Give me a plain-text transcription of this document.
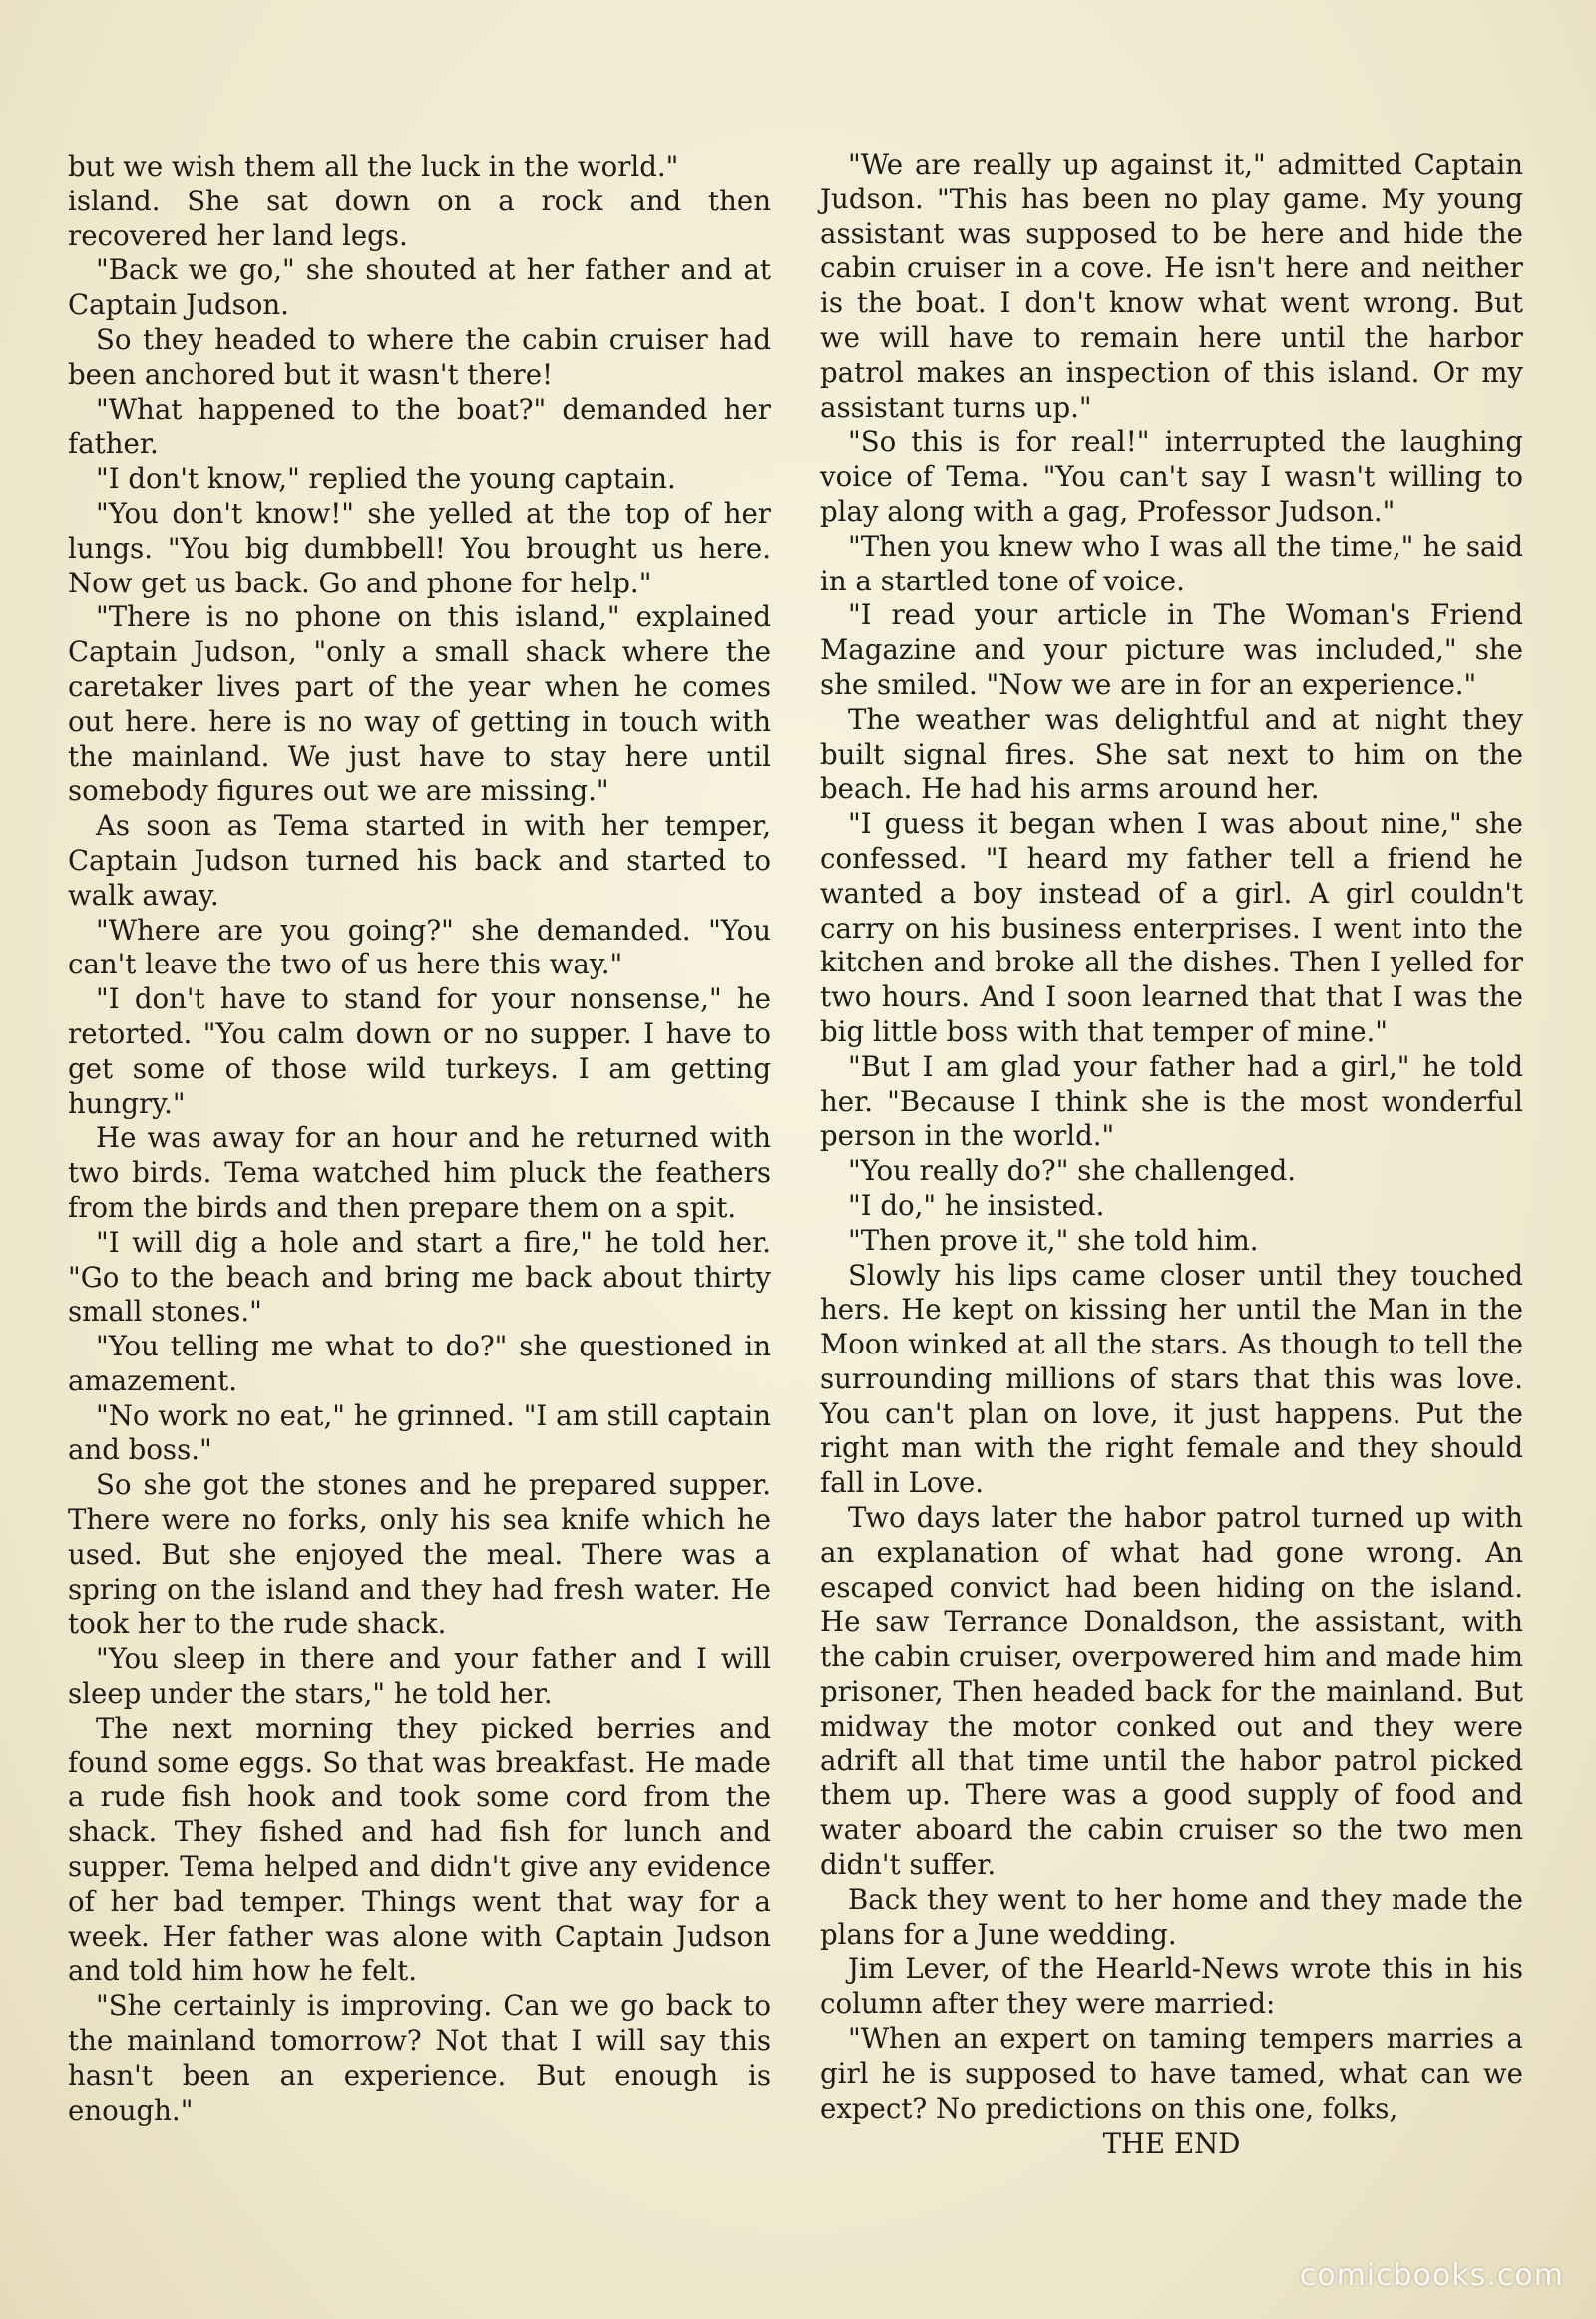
but we wish them all the luck in the world."

island. She sat down on a rock and then recovered her land legs.

"Back we go," she shouted at her father and at Captain Judson.

So they headed to where the cabin cruiser had been anchored but it wasn't there!

"What happened to the boat?" demanded her father.

"I don't know," replied the young captain.

"You don't know!" she yelled at the top of her lungs. "You big dumbbell! You brought us here. Now get us back. Go and phone for help."

"There is no phone on this island," explained Captain Judson, "only a small shack where the caretaker lives part of the year when he comes out here. here is no way of getting in touch with the mainland. We just have to stay here until somebody figures out we are missing."

As soon as Tema started in with her temper, Captain Judson turned his back and started to walk away.

"Where are you going?" she demanded. "You can't leave the two of us here this way."

"I don't have to stand for your nonsense," he retorted. "You calm down or no supper. I have to get some of those wild turkeys. I am getting hungry."

He was away for an hour and he returned with two birds. Tema watched him pluck the feathers from the birds and then prepare them on a spit.

"I will dig a hole and start a fire," he told her. "Go to the beach and bring me back about thirty small stones."

"You telling me what to do?" she questioned in amazement.

"No work no eat," he grinned. "I am still captain and boss."

So she got the stones and he prepared supper. There were no forks, only his sea knife which he used. But she enjoyed the meal. There was a spring on the island and they had fresh water. He took her to the rude shack.

"You sleep in there and your father and I will sleep under the stars," he told her.

The next morning they picked berries and found some eggs. So that was breakfast. He made a rude fish hook and took some cord from the shack. They fished and had fish for lunch and supper. Tema helped and didn't give any evidence of her bad temper. Things went that way for a week. Her father was alone with Captain Judson and told him how he felt.

"She certainly is improving. Can we go back to the mainland tomorrow? Not that I will say this hasn't been an experience. But enough is enough."

"We are really up against it," admitted Captain Judson. "This has been no play game. My young assistant was supposed to be here and hide the cabin cruiser in a cove. He isn't here and neither is the boat. I don't know what went wrong. But we will have to remain here until the harbor patrol makes an inspection of this island. Or my assistant turns up."

"So this is for real!" interrupted the laughing voice of Tema. "You can't say I wasn't willing to play along with a gag, Professor Judson."

"Then you knew who I was all the time," he said in a startled tone of voice.

"I read your article in The Woman's Friend Magazine and your picture was included," she she smiled. "Now we are in for an experience."

The weather was delightful and at night they built signal fires. She sat next to him on the beach. He had his arms around her.

"I guess it began when I was about nine," she confessed. "I heard my father tell a friend he wanted a boy instead of a girl. A girl couldn't carry on his business enterprises. I went into the kitchen and broke all the dishes. Then I yelled for two hours. And I soon learned that that I was the big little boss with that temper of mine."

"But I am glad your father had a girl," he told her. "Because I think she is the most wonderful person in the world."

"You really do?" she challenged.

"I do," he insisted.

"Then prove it," she told him.

Slowly his lips came closer until they touched hers. He kept on kissing her until the Man in the Moon winked at all the stars. As though to tell the surrounding millions of stars that this was love. You can't plan on love, it just happens. Put the right man with the right female and they should fall in Love.

Two days later the habor patrol turned up with an explanation of what had gone wrong. An escaped convict had been hiding on the island. He saw Terrance Donaldson, the assistant, with the cabin cruiser, overpowered him and made him prisoner, Then headed back for the mainland. But midway the motor conked out and they were adrift all that time until the habor patrol picked them up. There was a good supply of food and water aboard the cabin cruiser so the two men didn't suffer.

Back they went to her home and they made the plans for a June wedding.

Jim Lever, of the Hearld-News wrote this in his column after they were married:

"When an expert on taming tempers marries a girl he is supposed to have tamed, what can we expect? No predictions on this one, folks,

THE END

comicbooks.com
